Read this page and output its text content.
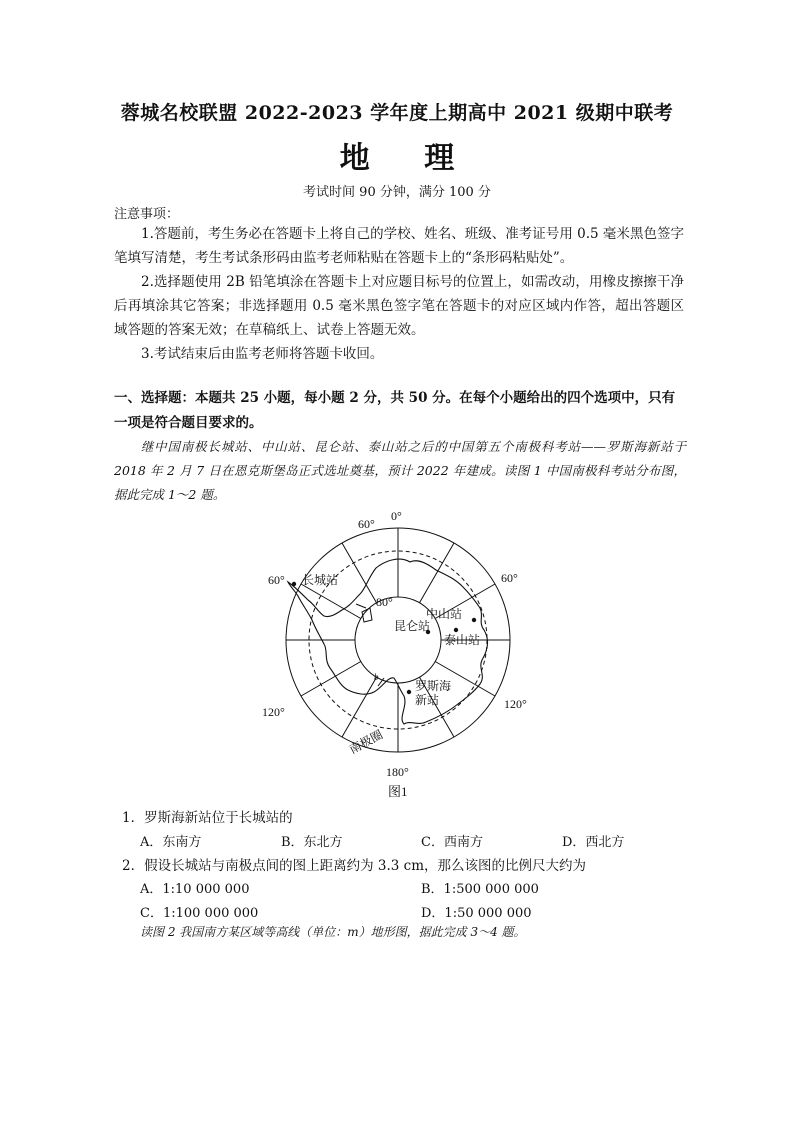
蓉城名校联盟 2022-2023 学年度上期高中 2021 级期中联考
地 理
考试时间 90 分钟，满分 100 分
注意事项：
1.答题前，考生务必在答题卡上将自己的学校、姓名、班级、准考证号用 0.5 毫米黑色签字笔填写清楚，考生考试条形码由监考老师粘贴在答题卡上的“条形码粘贴处”。
2.选择题使用 2B 铅笔填涂在答题卡上对应题目标号的位置上，如需改动，用橡皮擦擦干净后再填涂其它答案；非选择题用 0.5 毫米黑色签字笔在答题卡的对应区域内作答，超出答题区域答题的答案无效；在草稿纸上、试卷上答题无效。
3.考试结束后由监考老师将答题卡收回。
一、选择题：本题共 25 小题，每小题 2 分，共 50 分。在每个小题给出的四个选项中，只有一项是符合题目要求的。
继中国南极长城站、中山站、昆仑站、泰山站之后的中国第五个南极科考站——罗斯海新站于 2018 年 2 月 7 日在恩克斯堡岛正式选址奠基，预计 2022 年建成。读图 1 中国南极科考站分布图，据此完成 1～2 题。
0°
60°
60°	60°
120°
120°
180°
80°
长城站
中山站
昆仑站
泰山站
罗斯海
新站
b
南极圈
图1
1．罗斯海新站位于长城站的
A．东南方	B．东北方	C．西南方	D．西北方
2．假设长城站与南极点间的图上距离约为 3.3 cm，那么该图的比例尺大约为
A．1:10 000 000	B．1:500 000 000
C．1:100 000 000	D．1:50 000 000
读图 2 我国南方某区域等高线（单位：m）地形图，据此完成 3～4 题。
